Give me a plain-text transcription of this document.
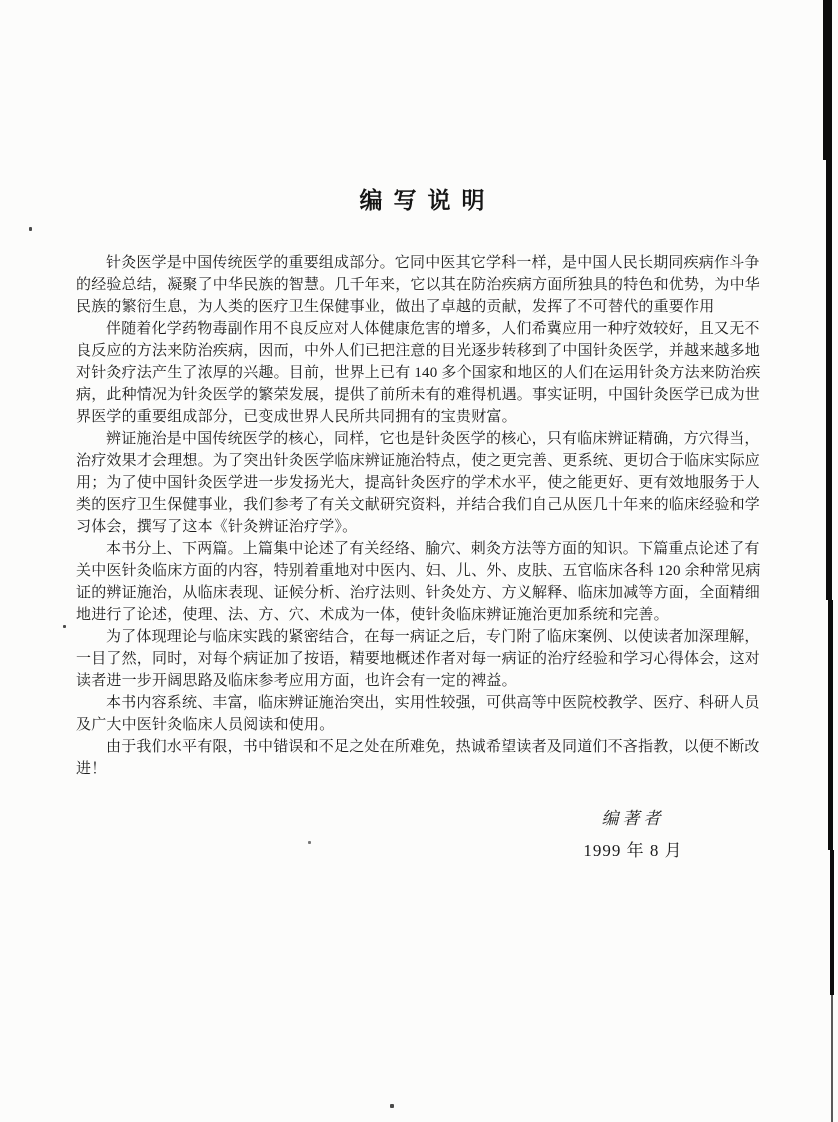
编写说明

针灸医学是中国传统医学的重要组成部分。它同中医其它学科一样，是中国人民长期同疾病作斗争
的经验总结，凝聚了中华民族的智慧。几千年来，它以其在防治疾病方面所独具的特色和优势，为中华
民族的繁衍生息，为人类的医疗卫生保健事业，做出了卓越的贡献，发挥了不可替代的重要作用

伴随着化学药物毒副作用不良反应对人体健康危害的增多，人们希冀应用一种疗效较好，且又无不
良反应的方法来防治疾病，因而，中外人们已把注意的目光逐步转移到了中国针灸医学，并越来越多地
对针灸疗法产生了浓厚的兴趣。目前，世界上已有 140 多个国家和地区的人们在运用针灸方法来防治疾
病，此种情况为针灸医学的繁荣发展，提供了前所未有的难得机遇。事实证明，中国针灸医学已成为世
界医学的重要组成部分，已变成世界人民所共同拥有的宝贵财富。

辨证施治是中国传统医学的核心，同样，它也是针灸医学的核心，只有临床辨证精确，方穴得当，
治疗效果才会理想。为了突出针灸医学临床辨证施治特点，使之更完善、更系统、更切合于临床实际应
用；为了使中国针灸医学进一步发扬光大，提高针灸医疗的学术水平，使之能更好、更有效地服务于人
类的医疗卫生保健事业，我们参考了有关文献研究资料，并结合我们自己从医几十年来的临床经验和学
习体会，撰写了这本《针灸辨证治疗学》。

本书分上、下两篇。上篇集中论述了有关经络、腧穴、刺灸方法等方面的知识。下篇重点论述了有
关中医针灸临床方面的内容，特别着重地对中医内、妇、儿、外、皮肤、五官临床各科 120 余种常见病
证的辨证施治，从临床表现、证候分析、治疗法则、针灸处方、方义解释、临床加减等方面，全面精细
地进行了论述，使理、法、方、穴、术成为一体，使针灸临床辨证施治更加系统和完善。

为了体现理论与临床实践的紧密结合，在每一病证之后，专门附了临床案例、以使读者加深理解，
一目了然，同时，对每个病证加了按语，精要地概述作者对每一病证的治疗经验和学习心得体会，这对
读者进一步开阔思路及临床参考应用方面，也许会有一定的裨益。

本书内容系统、丰富，临床辨证施治突出，实用性较强，可供高等中医院校教学、医疗、科研人员
及广大中医针灸临床人员阅读和使用。

由于我们水平有限，书中错误和不足之处在所难免，热诚希望读者及同道们不吝指教，以便不断改
进！

编著者
1999 年 8 月
